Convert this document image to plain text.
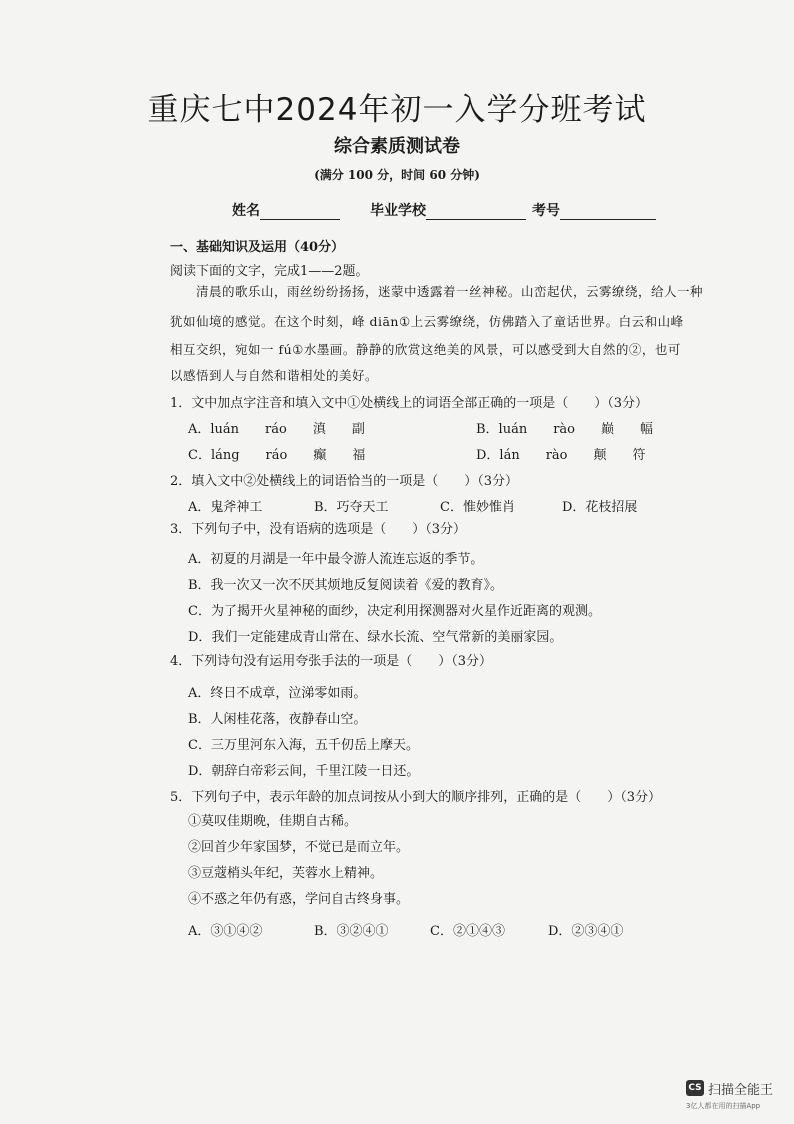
重庆七中2024年初一入学分班考试
综合素质测试卷
(满分 100 分，时间 60 分钟)
姓名	毕业学校	考号
一、基础知识及运用（40分）
阅读下面的文字，完成1——2题。
清晨的歌乐山，雨丝纷纷扬扬，迷蒙中透露着一丝神秘。山峦起伏，云雾缭绕，给人一种
犹如仙境的感觉。在这个时刻，峰 diān①上云雾缭绕，仿佛踏入了童话世界。白云和山峰
相互交织，宛如一 fú①水墨画。静静的欣赏这绝美的风景，可以感受到大自然的②，也可
以感悟到人与自然和谐相处的美好。
1．文中加点字注音和填入文中①处横线上的词语全部正确的一项是（　　）（3分）
A．luán　　ráo　　滇　　副	B．luán　　rào　　巅　　幅
C．láng　　ráo　　癫　　福	D．lán　　rào　　颠　　符
2．填入文中②处横线上的词语恰当的一项是（　　）（3分）
A．鬼斧神工	B．巧夺天工	C．惟妙惟肖	D．花枝招展
3．下列句子中，没有语病的选项是（　　）（3分）
A．初夏的月湖是一年中最令游人流连忘返的季节。
B．我一次又一次不厌其烦地反复阅读着《爱的教育》。
C．为了揭开火星神秘的面纱，决定利用探测器对火星作近距离的观测。
D．我们一定能建成青山常在、绿水长流、空气常新的美丽家园。
4．下列诗句没有运用夸张手法的一项是（　　）（3分）
A．终日不成章，泣涕零如雨。
B．人闲桂花落，夜静春山空。
C．三万里河东入海，五千仞岳上摩天。
D．朝辞白帝彩云间，千里江陵一日还。
5．下列句子中，表示年龄的加点词按从小到大的顺序排列，正确的是（　　）（3分）
①莫叹佳期晚，佳期自古稀。
②回首少年家国梦，不觉已是而立年。
③豆蔻梢头年纪，芙蓉水上精神。
④不惑之年仍有惑，学问自古终身事。
A．③①④②	B．③②④①	C．②①④③	D．②③④①
CS 扫描全能王
3亿人都在用的扫描App
